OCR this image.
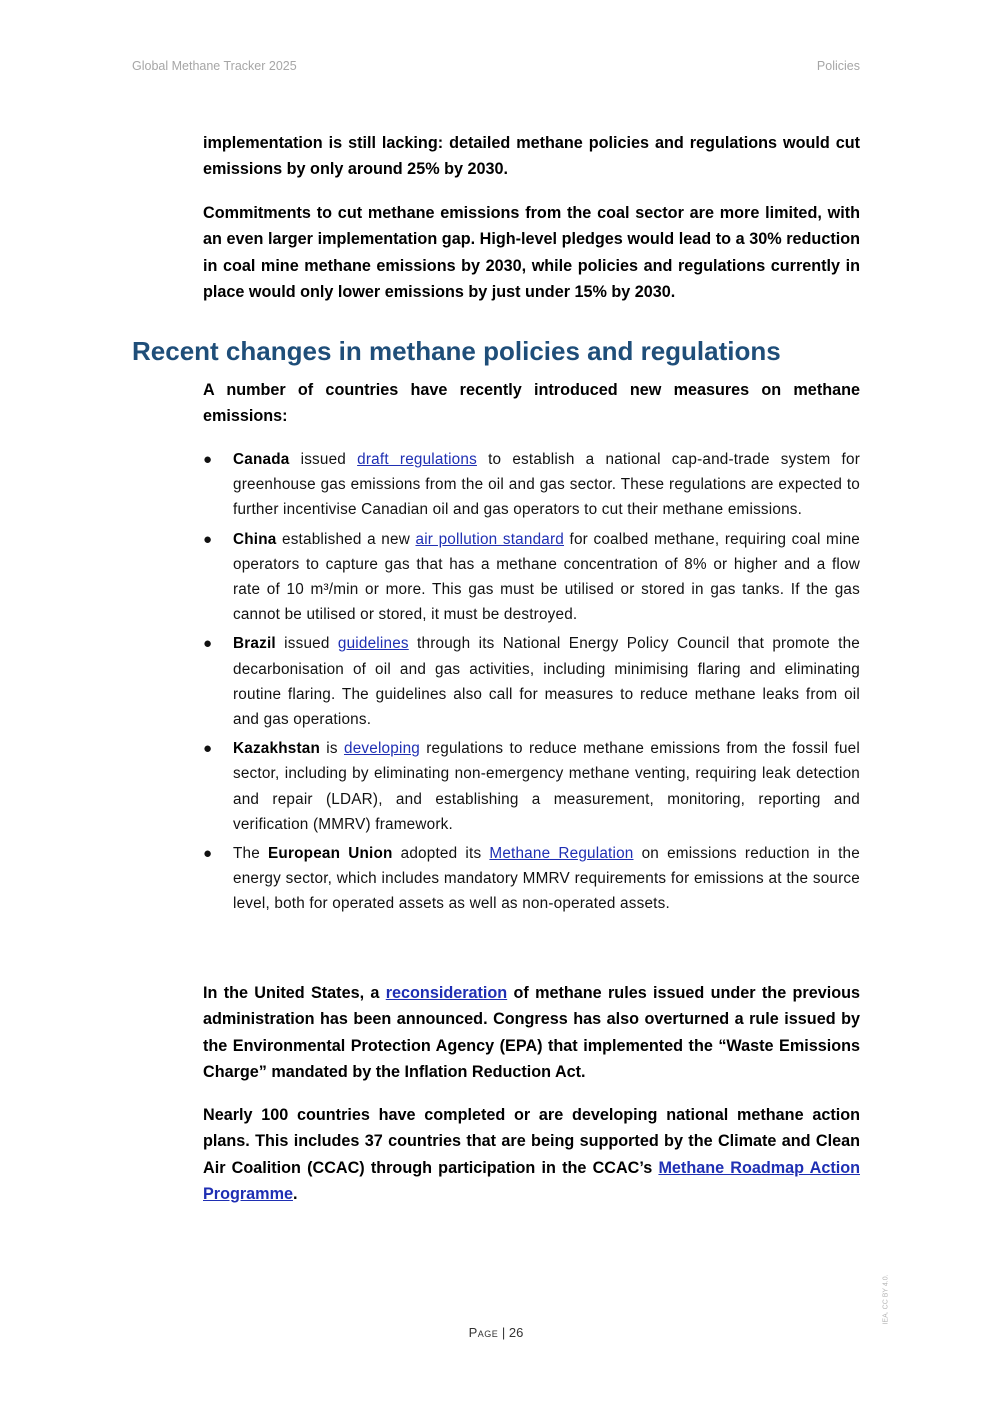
Global Methane Tracker 2025	Policies

implementation is still lacking: detailed methane policies and regulations would cut emissions by only around 25% by 2030.

Commitments to cut methane emissions from the coal sector are more limited, with an even larger implementation gap. High-level pledges would lead to a 30% reduction in coal mine methane emissions by 2030, while policies and regulations currently in place would only lower emissions by just under 15% by 2030.

Recent changes in methane policies and regulations

A number of countries have recently introduced new measures on methane emissions:

● Canada issued draft regulations to establish a national cap-and-trade system for greenhouse gas emissions from the oil and gas sector. These regulations are expected to further incentivise Canadian oil and gas operators to cut their methane emissions.
● China established a new air pollution standard for coalbed methane, requiring coal mine operators to capture gas that has a methane concentration of 8% or higher and a flow rate of 10 m³/min or more. This gas must be utilised or stored in gas tanks. If the gas cannot be utilised or stored, it must be destroyed.
● Brazil issued guidelines through its National Energy Policy Council that promote the decarbonisation of oil and gas activities, including minimising flaring and eliminating routine flaring. The guidelines also call for measures to reduce methane leaks from oil and gas operations.
● Kazakhstan is developing regulations to reduce methane emissions from the fossil fuel sector, including by eliminating non-emergency methane venting, requiring leak detection and repair (LDAR), and establishing a measurement, monitoring, reporting and verification (MMRV) framework.
● The European Union adopted its Methane Regulation on emissions reduction in the energy sector, which includes mandatory MMRV requirements for emissions at the source level, both for operated assets as well as non-operated assets.

In the United States, a reconsideration of methane rules issued under the previous administration has been announced. Congress has also overturned a rule issued by the Environmental Protection Agency (EPA) that implemented the “Waste Emissions Charge” mandated by the Inflation Reduction Act.

Nearly 100 countries have completed or are developing national methane action plans. This includes 37 countries that are being supported by the Climate and Clean Air Coalition (CCAC) through participation in the CCAC’s Methane Roadmap Action Programme.

IEA. CC BY 4.0.
Page | 26
